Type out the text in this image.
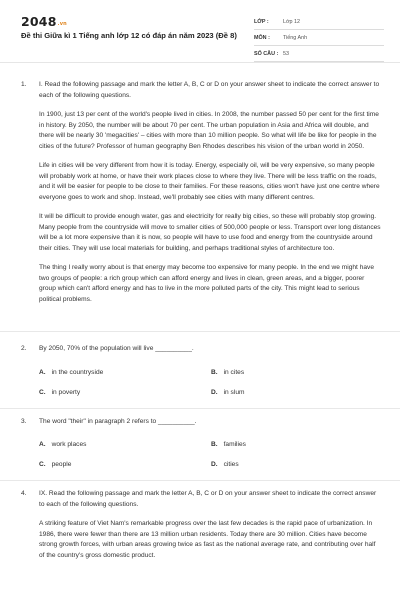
2048.vn
Đề thi Giữa kì 1 Tiếng anh lớp 12 có đáp án năm 2023 (Đề 8)
LỚP :	Lớp 12
MÔN :	Tiếng Anh
SỐ CÂU : 53
1. I. Read the following passage and mark the letter A, B, C or D on your answer sheet to indicate the correct answer to each of the following questions.

In 1900, just 13 per cent of the world's people lived in cities. In 2008, the number passed 50 per cent for the first time in history. By 2050, the number will be about 70 per cent. The urban population in Asia and Africa will double, and there will be nearly 30 'megacities' – cities with more than 10 million people. So what will life be like for people in the cities of the future? Professor of human geography Ben Rhodes describes his vision of the urban world in 2050.

Life in cities will be very different from how it is today. Energy, especially oil, will be very expensive, so many people will probably work at home, or have their work places close to where they live. There will be less traffic on the roads, and it will be easier for people to be close to their families. For these reasons, cities won't have just one centre where everyone goes to work and shop. Instead, we'll probably see cities with many different centres.

It will be difficult to provide enough water, gas and electricity for really big cities, so these will probably stop growing. Many people from the countryside will move to smaller cities of 500,000 people or less. Transport over long distances will be a lot more expensive than it is now, so people will have to use food and energy from the countryside around their cities. They will use local materials for building, and perhaps traditional styles of architecture too.

The thing I really worry about is that energy may become too expensive for many people. In the end we might have two groups of people: a rich group which can afford energy and lives in clean, green areas, and a bigger, poorer group which can't afford energy and has to live in the more polluted parts of the city. This might lead to serious political problems.

2. By 2050, 70% of the population will live __________.
A. in the countryside	B. in cites
C. in poverty	D. in slum
3. The word "their" in paragraph 2 refers to __________.
A. work places	B. families
C. people	D. cities
4. IX. Read the following passage and mark the letter A, B, C or D on your answer sheet to indicate the correct answer to each of the following questions.

A striking feature of Viet Nam's remarkable progress over the last few decades is the rapid pace of urbanization. In 1986, there were fewer than there are 13 million urban residents. Today there are 30 million. Cities have become strong growth forces, with urban areas growing twice as fast as the national average rate, and contributing over half of the country's gross domestic product.
